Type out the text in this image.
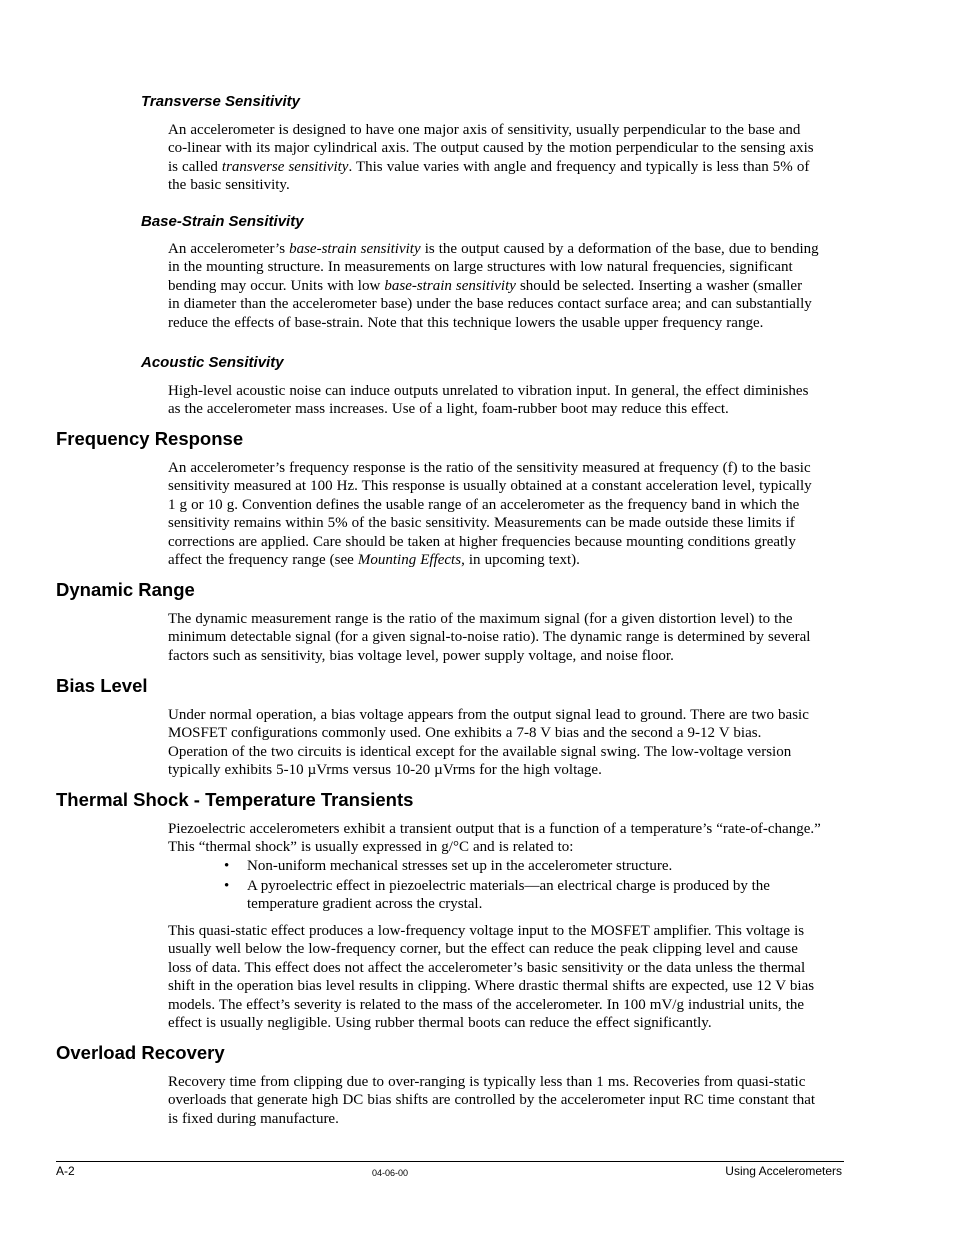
Transverse Sensitivity

An accelerometer is designed to have one major axis of sensitivity, usually perpendicular to the base and
co-linear with its major cylindrical axis. The output caused by the motion perpendicular to the sensing axis
is called transverse sensitivity. This value varies with angle and frequency and typically is less than 5% of
the basic sensitivity.

Base-Strain Sensitivity

An accelerometer’s base-strain sensitivity is the output caused by a deformation of the base, due to bending
in the mounting structure. In measurements on large structures with low natural frequencies, significant
bending may occur. Units with low base-strain sensitivity should be selected. Inserting a washer (smaller
in diameter than the accelerometer base) under the base reduces contact surface area; and can substantially
reduce the effects of base-strain. Note that this technique lowers the usable upper frequency range.

Acoustic Sensitivity

High-level acoustic noise can induce outputs unrelated to vibration input. In general, the effect diminishes
as the accelerometer mass increases. Use of a light, foam-rubber boot may reduce this effect.

Frequency Response

An accelerometer’s frequency response is the ratio of the sensitivity measured at frequency (f) to the basic
sensitivity measured at 100 Hz. This response is usually obtained at a constant acceleration level, typically
1 g or 10 g. Convention defines the usable range of an accelerometer as the frequency band in which the
sensitivity remains within 5% of the basic sensitivity. Measurements can be made outside these limits if
corrections are applied. Care should be taken at higher frequencies because mounting conditions greatly
affect the frequency range (see Mounting Effects, in upcoming text).

Dynamic Range

The dynamic measurement range is the ratio of the maximum signal (for a given distortion level) to the
minimum detectable signal (for a given signal-to-noise ratio). The dynamic range is determined by several
factors such as sensitivity, bias voltage level, power supply voltage, and noise floor.

Bias Level

Under normal operation, a bias voltage appears from the output signal lead to ground. There are two basic
MOSFET configurations commonly used. One exhibits a 7-8 V bias and the second a 9-12 V bias.
Operation of the two circuits is identical except for the available signal swing. The low-voltage version
typically exhibits 5-10 µVrms versus 10-20 µVrms for the high voltage.

Thermal Shock - Temperature Transients

Piezoelectric accelerometers exhibit a transient output that is a function of a temperature’s “rate-of-change.”
This “thermal shock” is usually expressed in g/°C and is related to:

• Non-uniform mechanical stresses set up in the accelerometer structure.
• A pyroelectric effect in piezoelectric materials—an electrical charge is produced by the
temperature gradient across the crystal.

This quasi-static effect produces a low-frequency voltage input to the MOSFET amplifier. This voltage is
usually well below the low-frequency corner, but the effect can reduce the peak clipping level and cause
loss of data. This effect does not affect the accelerometer’s basic sensitivity or the data unless the thermal
shift in the operation bias level results in clipping. Where drastic thermal shifts are expected, use 12 V bias
models. The effect’s severity is related to the mass of the accelerometer. In 100 mV/g industrial units, the
effect is usually negligible. Using rubber thermal boots can reduce the effect significantly.

Overload Recovery

Recovery time from clipping due to over-ranging is typically less than 1 ms. Recoveries from quasi-static
overloads that generate high DC bias shifts are controlled by the accelerometer input RC time constant that
is fixed during manufacture.

A-2	04-06-00	Using Accelerometers
